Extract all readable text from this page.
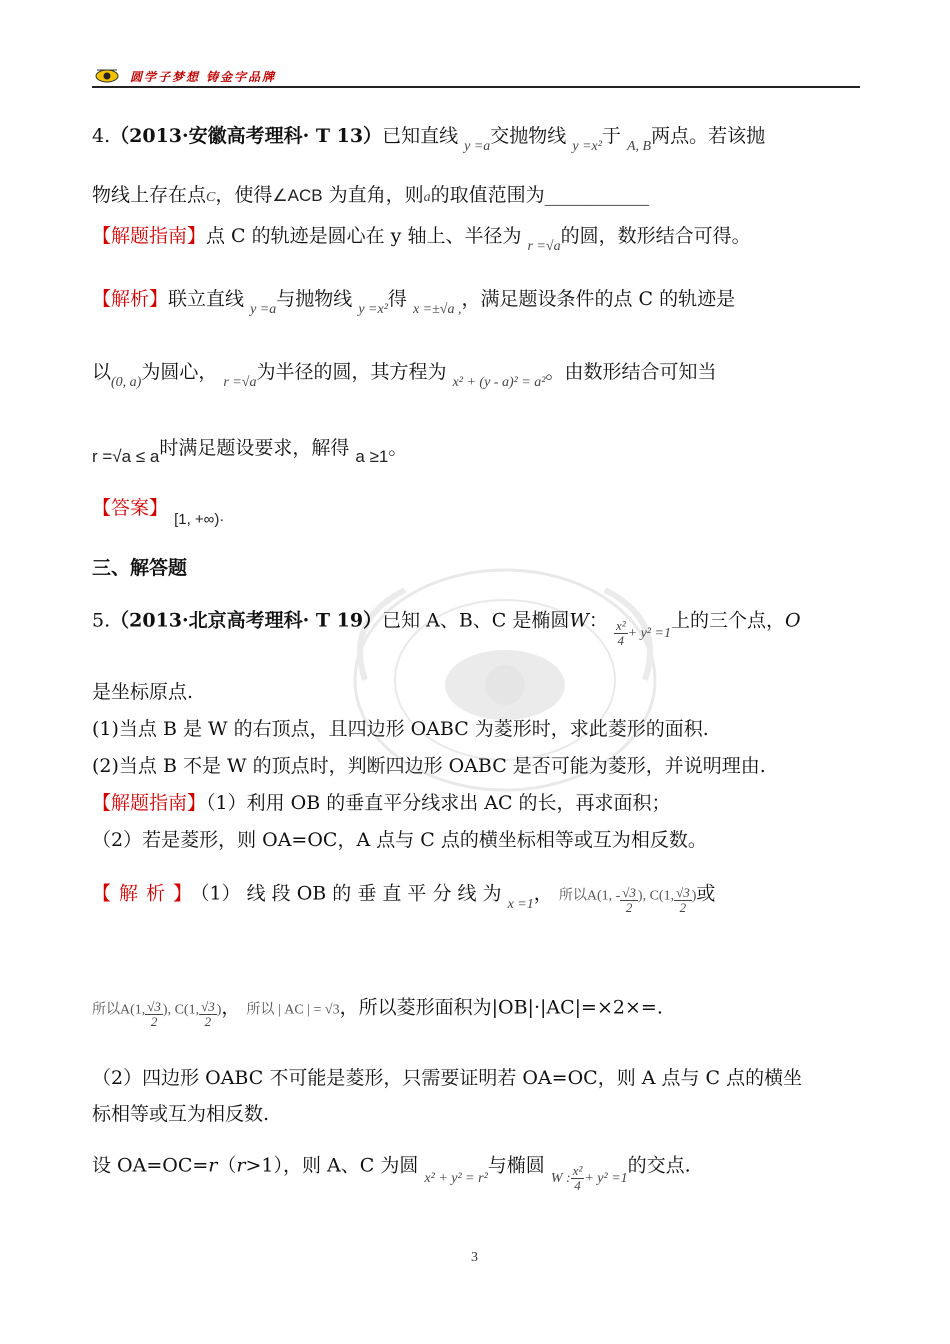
圆学子梦想 铸金字品牌
4.（2013·安徽高考理科· T 13）已知直线 $_{y =a}$交抛物线 $_{y =x^2}$于 $_{A, B}$两点。若该抛
物线上存在点C，使得∠ACB 为直角，则a的取值范围为___________
【解题指南】点 C 的轨迹是圆心在 y 轴上、半径为 $_{r =√a}$的圆，数形结合可得。
【解析】联立直线 $_{y =a}$与抛物线 $_{y =x^2}$得 $_{x =\pm√a ,}$，满足题设条件的点 C 的轨迹是
以$_{(0, a)}$为圆心， $_{r =√a}$为半径的圆，其方程为 $_{x^2 + (y - a)^2 = a^2}$。由数形结合可知当
r =√a ≤ a时满足题设要求，解得 a ≥1。
【答案】 $_{[1, +\infty)\cdot}$
三、解答题
5.（2013·北京高考理科· T 19）已知 A、B、C 是椭圆W： $\frac{\text{x²}}{4} _{+ y^2 =1}$上的三个点，O
是坐标原点.
(1)当点 B 是 W 的右顶点，且四边形 OABC 为菱形时，求此菱形的面积.
(2)当点 B 不是 W 的顶点时，判断四边形 OABC 是否可能为菱形，并说明理由.
【解题指南】（1）利用 OB 的垂直平分线求出 AC 的长，再求面积；
（2）若是菱形，则 OA=OC，A 点与 C 点的横坐标相等或互为相反数。
【解析】（1） 线 段 OB 的 垂 直 平 分 线 为 $_{x =1}$， 所以A(1, - $\frac{√3}{2}$ ), C(1, $\frac{√3}{2}$ )或
所以A(1, $\frac{√3}{2}$ ), C(1, $\frac{√3}{2}$ )， 所以 | AC | = √3，所以菱形面积为|OB|·|AC|=×2×=.
（2）四边形 OABC 不可能是菱形，只需要证明若 OA=OC，则 A 点与 C 点的横坐
标相等或互为相反数.
设 OA=OC=r（r>1），则 A、C 为圆 $_{x^2 + y^2 = r^2}$与椭圆 $_{W :} \frac{\text{x²}}{4} _{+ y^2 =1}$的交点.
3
